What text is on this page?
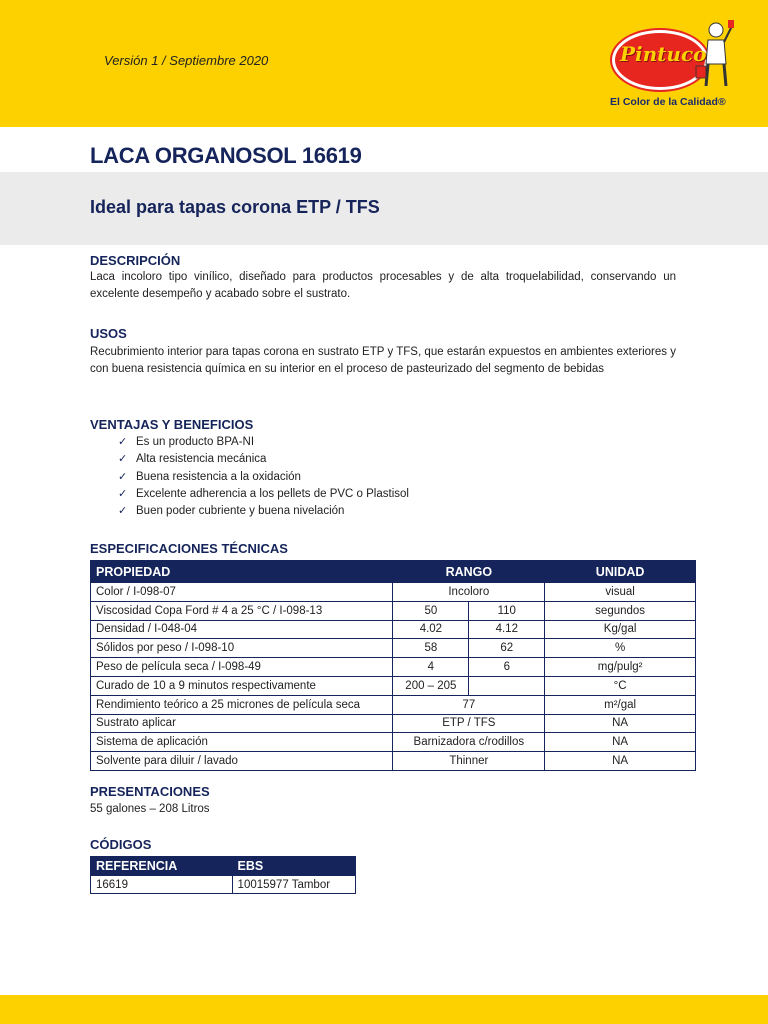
Versión 1 / Septiembre 2020	Pintuco
El Color de la Calidad®
LACA ORGANOSOL 16619
Ideal para tapas corona ETP / TFS
DESCRIPCIÓN
Laca incoloro tipo vinílico, diseñado para productos procesables y de alta troquelabilidad, conservando un excelente desempeño y acabado sobre el sustrato.
USOS
Recubrimiento interior para tapas corona en sustrato ETP y TFS, que estarán expuestos en ambientes exteriores y con buena resistencia química en su interior en el proceso de pasteurizado del segmento de bebidas
VENTAJAS Y BENEFICIOS
✓ Es un producto BPA-NI
✓ Alta resistencia mecánica
✓ Buena resistencia a la oxidación
✓ Excelente adherencia a los pellets de PVC o Plastisol
✓ Buen poder cubriente y buena nivelación
ESPECIFICACIONES TÉCNICAS
PROPIEDAD	RANGO		UNIDAD
Color / I-098-07	Incoloro		visual
Viscosidad Copa Ford # 4 a 25 °C / I-098-13	50	110	segundos
Densidad / I-048-04	4.02	4.12	Kg/gal
Sólidos por peso / I-098-10	58	62	%
Peso de película seca / I-098-49	4	6	mg/pulg²
Curado de 10 a 9 minutos respectivamente	200 – 205		°C
Rendimiento teórico a 25 micrones de película seca	77		m²/gal
Sustrato aplicar	ETP / TFS		NA
Sistema de aplicación	Barnizadora c/rodillos		NA
Solvente para diluir / lavado	Thinner		NA
PRESENTACIONES
55 galones – 208 Litros
CÓDIGOS
REFERENCIA	EBS
16619	10015977 Tambor
